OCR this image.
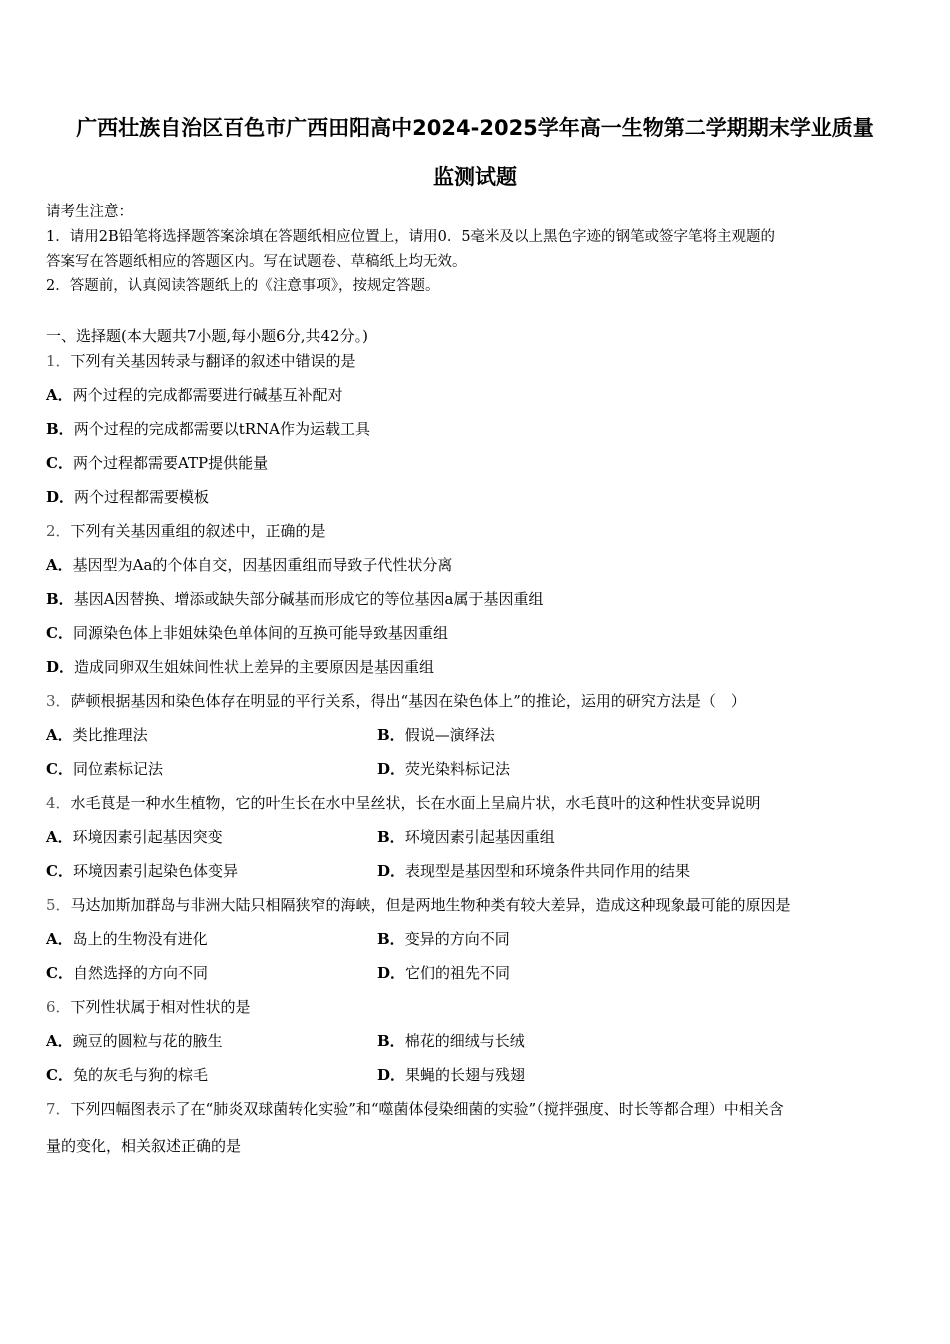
广西壮族自治区百色市广西田阳高中2024-2025学年高一生物第二学期期末学业质量
监测试题
请考生注意：
1．请用2B铅笔将选择题答案涂填在答题纸相应位置上，请用0．5毫米及以上黑色字迹的钢笔或签字笔将主观题的
答案写在答题纸相应的答题区内。写在试题卷、草稿纸上均无效。
2．答题前，认真阅读答题纸上的《注意事项》，按规定答题。
一、选择题(本大题共7小题,每小题6分,共42分。)
1．下列有关基因转录与翻译的叙述中错误的是
A．两个过程的完成都需要进行碱基互补配对
B．两个过程的完成都需要以tRNA作为运载工具
C．两个过程都需要ATP提供能量
D．两个过程都需要模板
2．下列有关基因重组的叙述中，正确的是
A．基因型为Aa的个体自交，因基因重组而导致子代性状分离
B．基因A因替换、增添或缺失部分碱基而形成它的等位基因a属于基因重组
C．同源染色体上非姐妹染色单体间的互换可能导致基因重组
D．造成同卵双生姐妹间性状上差异的主要原因是基因重组
3．萨顿根据基因和染色体存在明显的平行关系，得出“基因在染色体上”的推论，运用的研究方法是（　）
A．类比推理法	B．假说—演绎法
C．同位素标记法	D．荧光染料标记法
4．水毛茛是一种水生植物，它的叶生长在水中呈丝状，长在水面上呈扁片状，水毛茛叶的这种性状变异说明
A．环境因素引起基因突变	B．环境因素引起基因重组
C．环境因素引起染色体变异	D．表现型是基因型和环境条件共同作用的结果
5．马达加斯加群岛与非洲大陆只相隔狭窄的海峡，但是两地生物种类有较大差异，造成这种现象最可能的原因是
A．岛上的生物没有进化	B．变异的方向不同
C．自然选择的方向不同	D．它们的祖先不同
6．下列性状属于相对性状的是
A．豌豆的圆粒与花的腋生	B．棉花的细绒与长绒
C．兔的灰毛与狗的棕毛	D．果蝇的长翅与残翅
7．下列四幅图表示了在“肺炎双球菌转化实验”和“噬菌体侵染细菌的实验”（搅拌强度、时长等都合理）中相关含
量的变化，相关叙述正确的是
